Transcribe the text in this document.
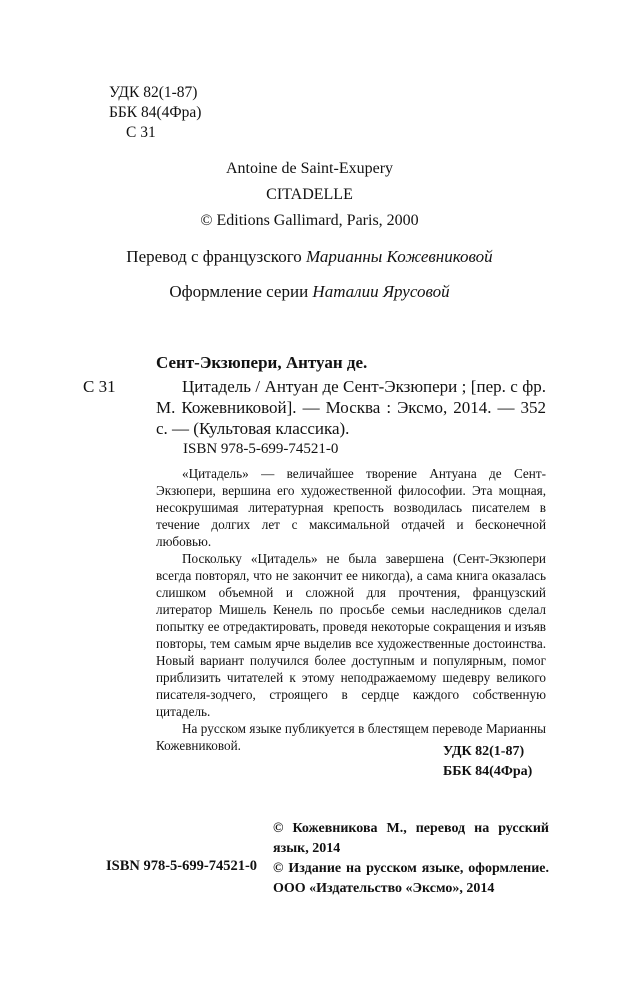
УДК 82(1-87)
ББК 84(4Фра)
С 31
Antoine de Saint-Exupery
CITADELLE
© Editions Gallimard, Paris, 2000
Перевод с французского Марианны Кожевниковой
Оформление серии Наталии Ярусовой
Сент-Экзюпери, Антуан де.
С 31	Цитадель / Антуан де Сент-Экзюпери ; [пер. с фр. М. Кожевниковой]. — Москва : Эксмо, 2014. — 352 с. — (Культовая классика).
ISBN 978-5-699-74521-0

«Цитадель» — величайшее творение Антуана де Сент-Экзюпери, вершина его художественной философии. Эта мощная, несокрушимая литературная крепость возводилась писателем в течение долгих лет с максимальной отдачей и бесконечной любовью.

Поскольку «Цитадель» не была завершена (Сент-Экзюпери всегда повторял, что не закончит ее никогда), а сама книга оказалась слишком объемной и сложной для прочтения, французский литератор Мишель Кенель по просьбе семьи наследников сделал попытку ее отредактировать, проведя некоторые сокращения и изъяв повторы, тем самым ярче выделив все художественные достоинства. Новый вариант получился более доступным и популярным, помог приблизить читателей к этому неподражаемому шедевру великого писателя-зодчего, строящего в сердце каждого собственную цитадель.

На русском языке публикуется в блестящем переводе Марианны Кожевниковой.	УДК 82(1-87)
ББК 84(4Фра)
© Кожевникова М., перевод на русский язык, 2014
© Издание на русском языке, оформление. ООО «Издательство «Эксмо», 2014
ISBN 978-5-699-74521-0
